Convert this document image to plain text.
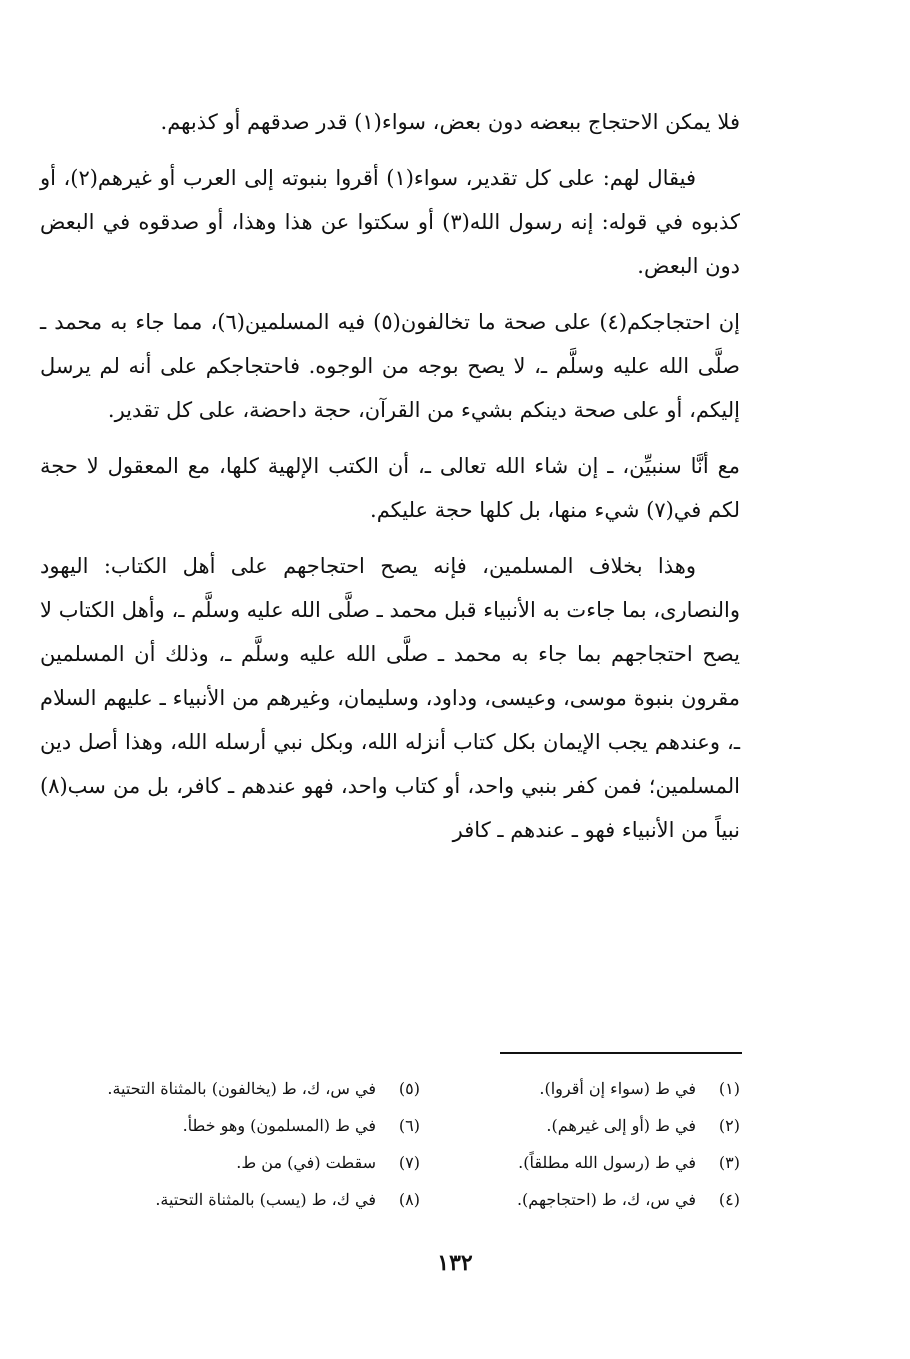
فلا يمكن الاحتجاج ببعضه دون بعض، سواء(١) قدر صدقهم أو كذبهم.

فيقال لهم: على كل تقدير، سواء(١) أقروا بنبوته إلى العرب أو غيرهم(٢)، أو كذبوه في قوله: إنه رسول الله(٣) أو سكتوا عن هذا وهذا، أو صدقوه في البعض دون البعض.

إن احتجاجكم(٤) على صحة ما تخالفون(٥) فيه المسلمين(٦)، مما جاء به محمد ـ صلَّى الله عليه وسلَّم ـ، لا يصح بوجه من الوجوه. فاحتجاجكم على أنه لم يرسل إليكم، أو على صحة دينكم بشيء من القرآن، حجة داحضة، على كل تقدير.

مع أنَّا سنبيِّن، ـ إن شاء الله تعالى ـ، أن الكتب الإلهية كلها، مع المعقول لا حجة لكم في(٧) شيء منها، بل كلها حجة عليكم.

وهذا بخلاف المسلمين، فإنه يصح احتجاجهم على أهل الكتاب: اليهود والنصارى، بما جاءت به الأنبياء قبل محمد ـ صلَّى الله عليه وسلَّم ـ، وأهل الكتاب لا يصح احتجاجهم بما جاء به محمد ـ صلَّى الله عليه وسلَّم ـ، وذلك أن المسلمين مقرون بنبوة موسى، وعيسى، وداود، وسليمان، وغيرهم من الأنبياء ـ عليهم السلام ـ، وعندهم يجب الإيمان بكل كتاب أنزله الله، وبكل نبي أرسله الله، وهذا أصل دين المسلمين؛ فمن كفر بنبي واحد، أو كتاب واحد، فهو عندهم ـ كافر، بل من سب(٨) نبياً من الأنبياء فهو ـ عندهم ـ كافر

(١)في ط (سواء إن أقروا).
(٢)في ط (أو إلى غيرهم).
(٣)في ط (رسول الله مطلقاً).
(٤)في س، ك، ط (احتجاجهم).
(٥)في س، ك، ط (يخالفون) بالمثناة التحتية.
(٦)في ط (المسلمون) وهو خطأ.
(٧)سقطت (في) من ط.
(٨)في ك، ط (يسب) بالمثناة التحتية.
١٣٢
